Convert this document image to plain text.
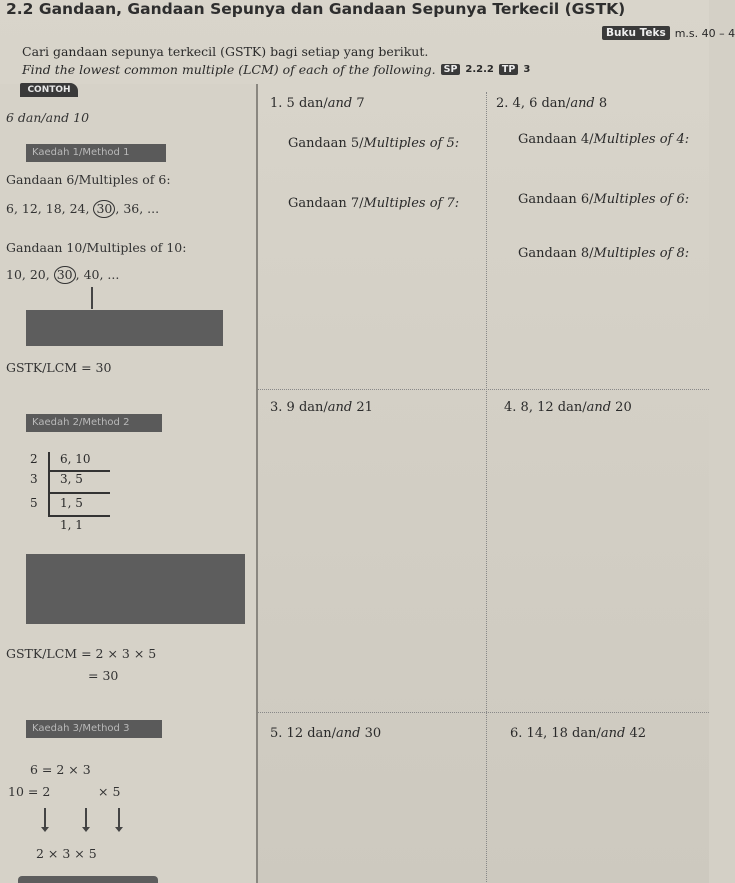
2.2 Gandaan, Gandaan Sepunya dan Gandaan Sepunya Terkecil (GSTK)
Buku Teks m.s. 40 – 4
Cari gandaan sepunya terkecil (GSTK) bagi setiap yang berikut.
Find the lowest common multiple (LCM) of each of the following. SP 2.2.2 TP 3
CONTOH
6 dan/and 10
Kaedah 1/Method 1
Gandaan 6/Multiples of 6:
6, 12, 18, 24, 30 , 36, ...
Gandaan 10/Multiples of 10:
10, 20, 30 , 40, ...
GSTK/LCM = 30
Kaedah 2/Method 2
2 6, 10
3 3, 5
5 1, 5
1, 1
GSTK/LCM = 2 × 3 × 5
= 30
Kaedah 3/Method 3
6 = 2 × 3
10 = 2	× 5
2 × 3 × 5
1. 5 dan/and 7
Gandaan 5/Multiples of 5:
Gandaan 7/Multiples of 7:
2. 4, 6 dan/and 8
Gandaan 4/Multiples of 4:
Gandaan 6/Multiples of 6:
Gandaan 8/Multiples of 8:
3. 9 dan/and 21	4. 8, 12 dan/and 20
5. 12 dan/and 30	6. 14, 18 dan/and 42
